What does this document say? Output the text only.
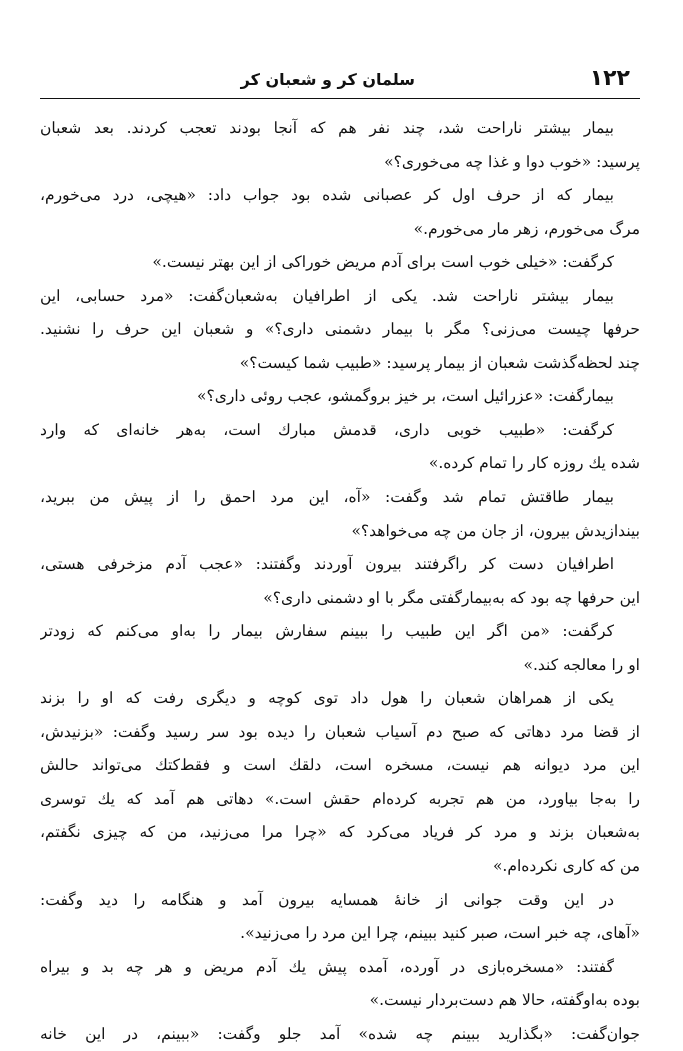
۱۲۲
سلمان کر و شعبان کر
بیمار بیشتر ناراحت شد، چند نفر هم که آنجا بودند تعجب کردند. بعد شعبان
پرسید: «خوب دوا و غذا چه می‌خوری؟»
بیمار که از حرف اول کر عصبانی شده بود جواب داد: «هیچی، درد می‌خورم،
مرگ می‌خورم، زهر مار می‌خورم.»
کرگفت: «خیلی خوب است برای آدم مریض خوراکی از این بهتر نیست.»
بیمار بیشتر ناراحت شد. یکی از اطرافیان به‌شعبان‌گفت: «مرد حسابی، این
حرفها چیست می‌زنی؟ مگر با بیمار دشمنی داری؟» و شعبان این حرف را نشنید.
چند لحظه‌گذشت شعبان از بیمار پرسید: «طبیب شما کیست؟»
بیمارگفت: «عزرائیل است، بر خیز بروگمشو، عجب روئی داری؟»
کرگفت: «طبیب خوبی داری، قدمش مبارك است، به‌هر خانه‌ای که وارد
شده یك روزه کار را تمام کرده.»
بیمار طاقتش تمام شد وگفت: «آه، این مرد احمق را از پیش من ببرید،
بیندازیدش بیرون، از جان من چه می‌خواهد؟»
اطرافیان دست کر راگرفتند بیرون آوردند وگفتند: «عجب آدم مزخرفی هستی،
این حرفها چه بود که به‌بیمارگفتی مگر با او دشمنی داری؟»
کرگفت: «من اگر این طبیب را ببینم سفارش بیمار را به‌او می‌کنم که زودتر
او را معالجه کند.»
یکی از همراهان شعبان را هول داد توی کوچه و دیگری رفت که او را بزند
از قضا مرد دهاتی که صبح دم آسیاب شعبان را دیده بود سر رسید وگفت: «بزنیدش،
این مرد دیوانه هم نیست، مسخره است، دلقك است و فقط‌کتك می‌تواند حالش
را به‌جا بیاورد، من هم تجربه کرده‌ام حقش است.» دهاتی هم آمد که یك توسری
به‌شعبان بزند و مرد کر فریاد می‌کرد که «چرا مرا می‌زنید، من که چیزی نگفتم،
من که کاری نکرده‌ام.»
در این وقت جوانی از خانهٔ همسایه بیرون آمد و هنگامه را دید وگفت:
«آهای، چه خبر است، صبر کنید ببینم، چرا این مرد را می‌زنید».
گفتند: «مسخره‌بازی در آورده، آمده پیش یك آدم مریض و هر چه بد و بیراه
بوده به‌اوگفته، حالا هم دست‌بردار نیست.»
جوان‌گفت: «بگذارید ببینم چه شده» آمد جلو وگفت: «ببینم، در این خانه
